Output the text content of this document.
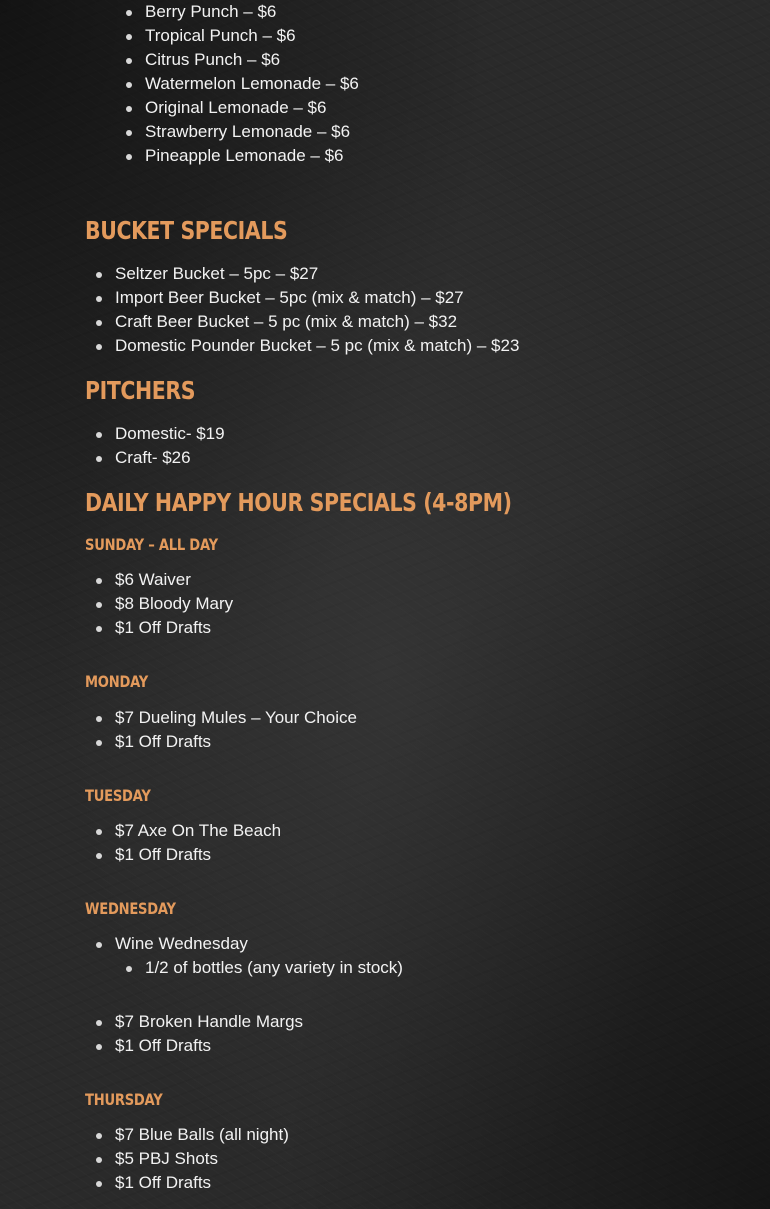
Berry Punch – $6
Tropical Punch – $6
Citrus Punch – $6
Watermelon Lemonade – $6
Original Lemonade – $6
Strawberry Lemonade – $6
Pineapple Lemonade – $6
BUCKET SPECIALS
Seltzer Bucket – 5pc – $27
Import Beer Bucket – 5pc (mix & match) – $27
Craft Beer Bucket – 5 pc (mix & match) – $32
Domestic Pounder Bucket – 5 pc (mix & match) – $23
PITCHERS
Domestic- $19
Craft- $26
DAILY HAPPY HOUR SPECIALS (4-8PM)
SUNDAY – ALL DAY
$6 Waiver
$8 Bloody Mary
$1 Off Drafts
MONDAY
$7 Dueling Mules – Your Choice
$1 Off Drafts
TUESDAY
$7 Axe On The Beach
$1 Off Drafts
WEDNESDAY
Wine Wednesday
1/2 of bottles (any variety in stock)
$7 Broken Handle Margs
$1 Off Drafts
THURSDAY
$7 Blue Balls (all night)
$5 PBJ Shots
$1 Off Drafts
